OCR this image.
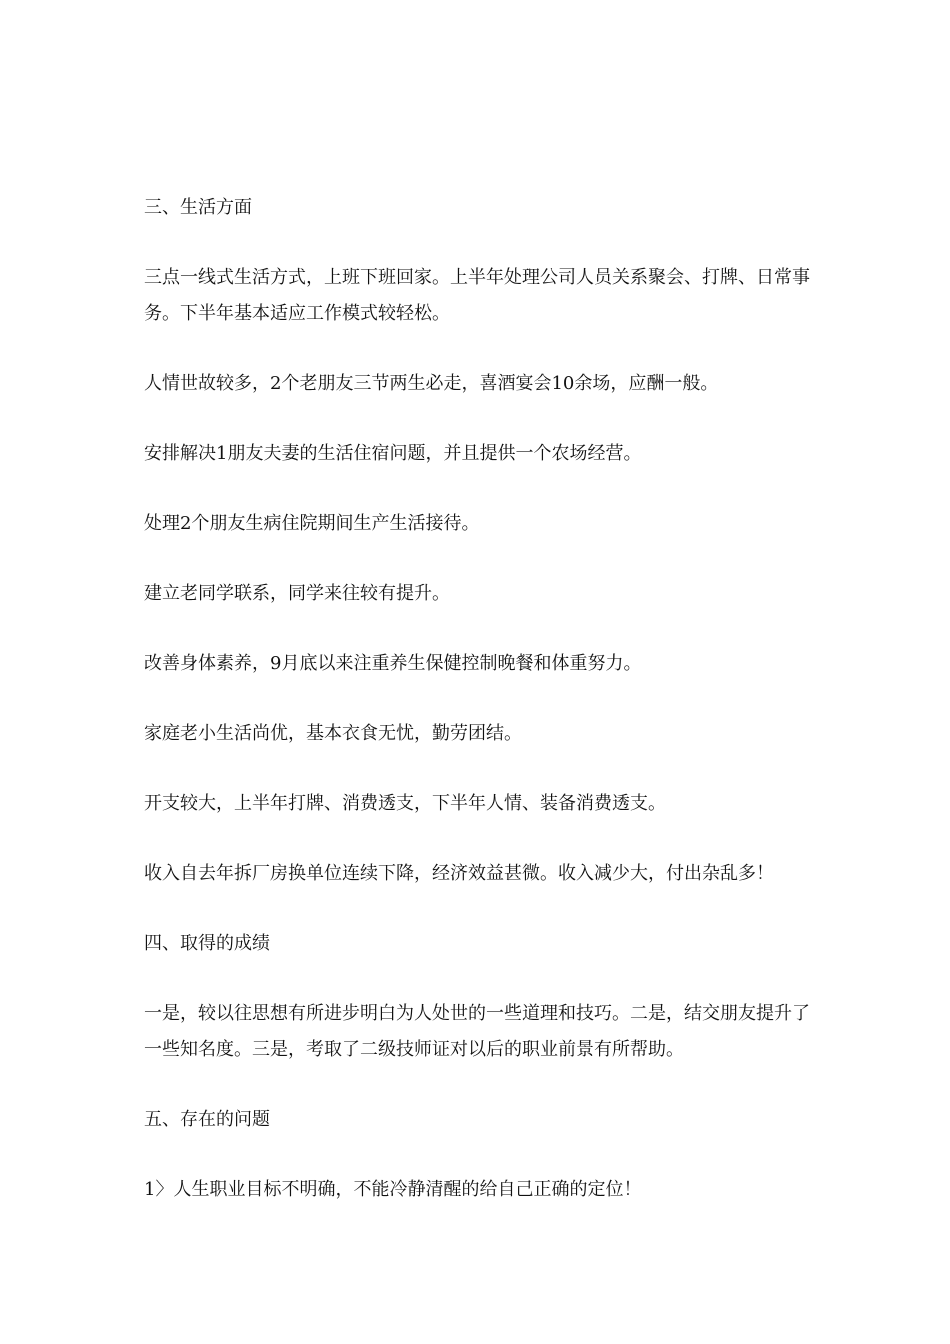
三、生活方面

三点一线式生活方式，上班下班回家。上半年处理公司人员关系聚会、打牌、日常事务。下半年基本适应工作模式较轻松。

人情世故较多，2个老朋友三节两生必走，喜酒宴会10余场，应酬一般。

安排解决1朋友夫妻的生活住宿问题，并且提供一个农场经营。

处理2个朋友生病住院期间生产生活接待。

建立老同学联系，同学来往较有提升。

改善身体素养，9月底以来注重养生保健控制晚餐和体重努力。

家庭老小生活尚优，基本衣食无忧，勤劳团结。

开支较大，上半年打牌、消费透支，下半年人情、装备消费透支。

收入自去年拆厂房换单位连续下降，经济效益甚微。收入减少大，付出杂乱多！

四、取得的成绩

一是，较以往思想有所进步明白为人处世的一些道理和技巧。二是，结交朋友提升了一些知名度。三是，考取了二级技师证对以后的职业前景有所帮助。

五、存在的问题

1〉人生职业目标不明确，不能冷静清醒的给自己正确的定位！
